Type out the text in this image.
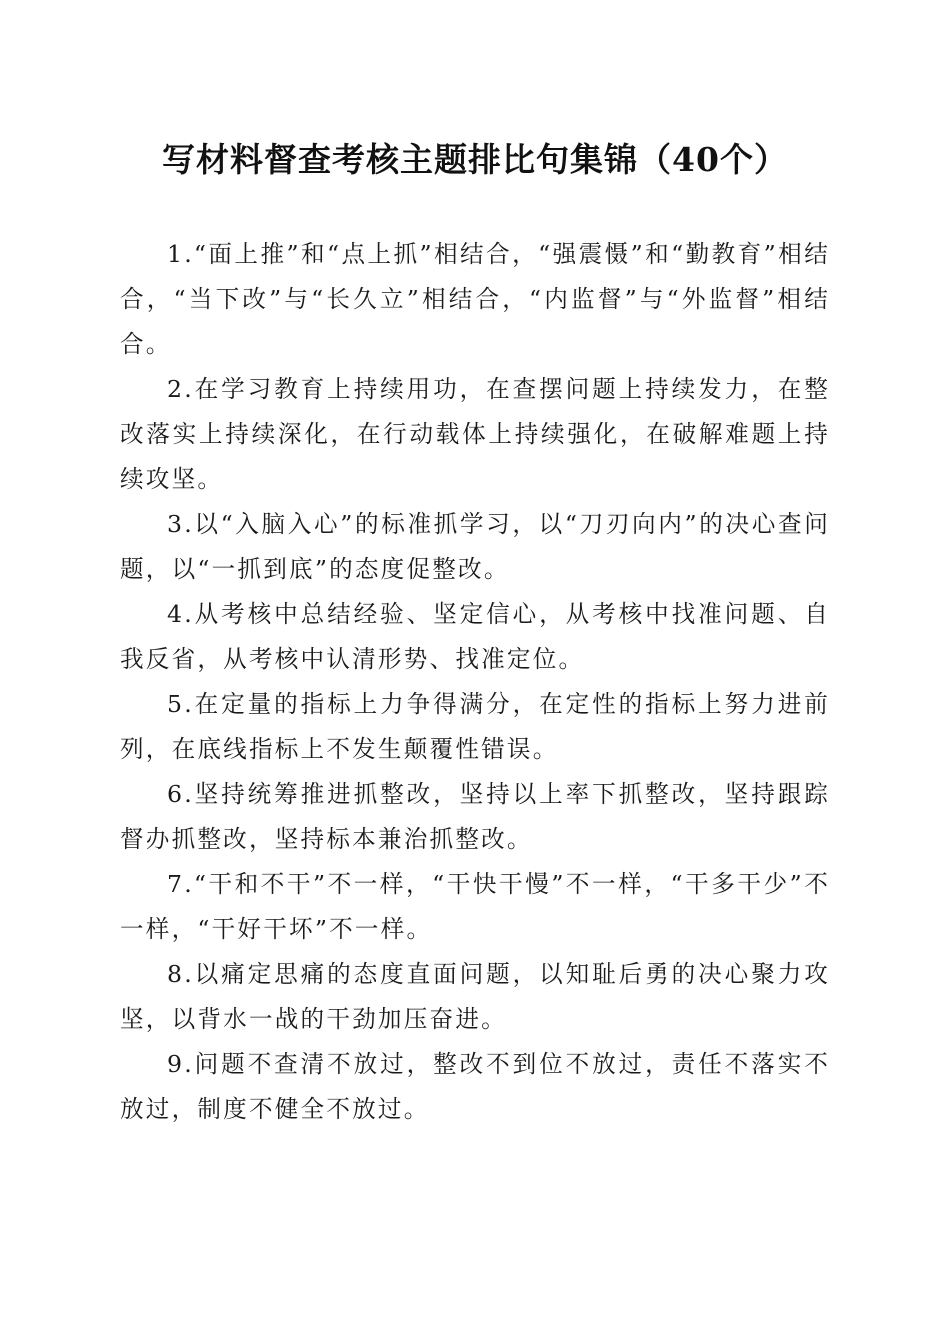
写材料督查考核主题排比句集锦（40个）

1.“面上推”和“点上抓”相结合，“强震慑”和“勤教育”相结合，“当下改”与“长久立”相结合，“内监督”与“外监督”相结合。

2.在学习教育上持续用功，在查摆问题上持续发力，在整改落实上持续深化，在行动载体上持续强化，在破解难题上持续攻坚。

3.以“入脑入心”的标准抓学习，以“刀刃向内”的决心查问题，以“一抓到底”的态度促整改。

4.从考核中总结经验、坚定信心，从考核中找准问题、自我反省，从考核中认清形势、找准定位。

5.在定量的指标上力争得满分，在定性的指标上努力进前列，在底线指标上不发生颠覆性错误。

6.坚持统筹推进抓整改，坚持以上率下抓整改，坚持跟踪督办抓整改，坚持标本兼治抓整改。

7.“干和不干”不一样，“干快干慢”不一样，“干多干少”不一样，“干好干坏”不一样。

8.以痛定思痛的态度直面问题，以知耻后勇的决心聚力攻坚，以背水一战的干劲加压奋进。

9.问题不查清不放过，整改不到位不放过，责任不落实不放过，制度不健全不放过。
